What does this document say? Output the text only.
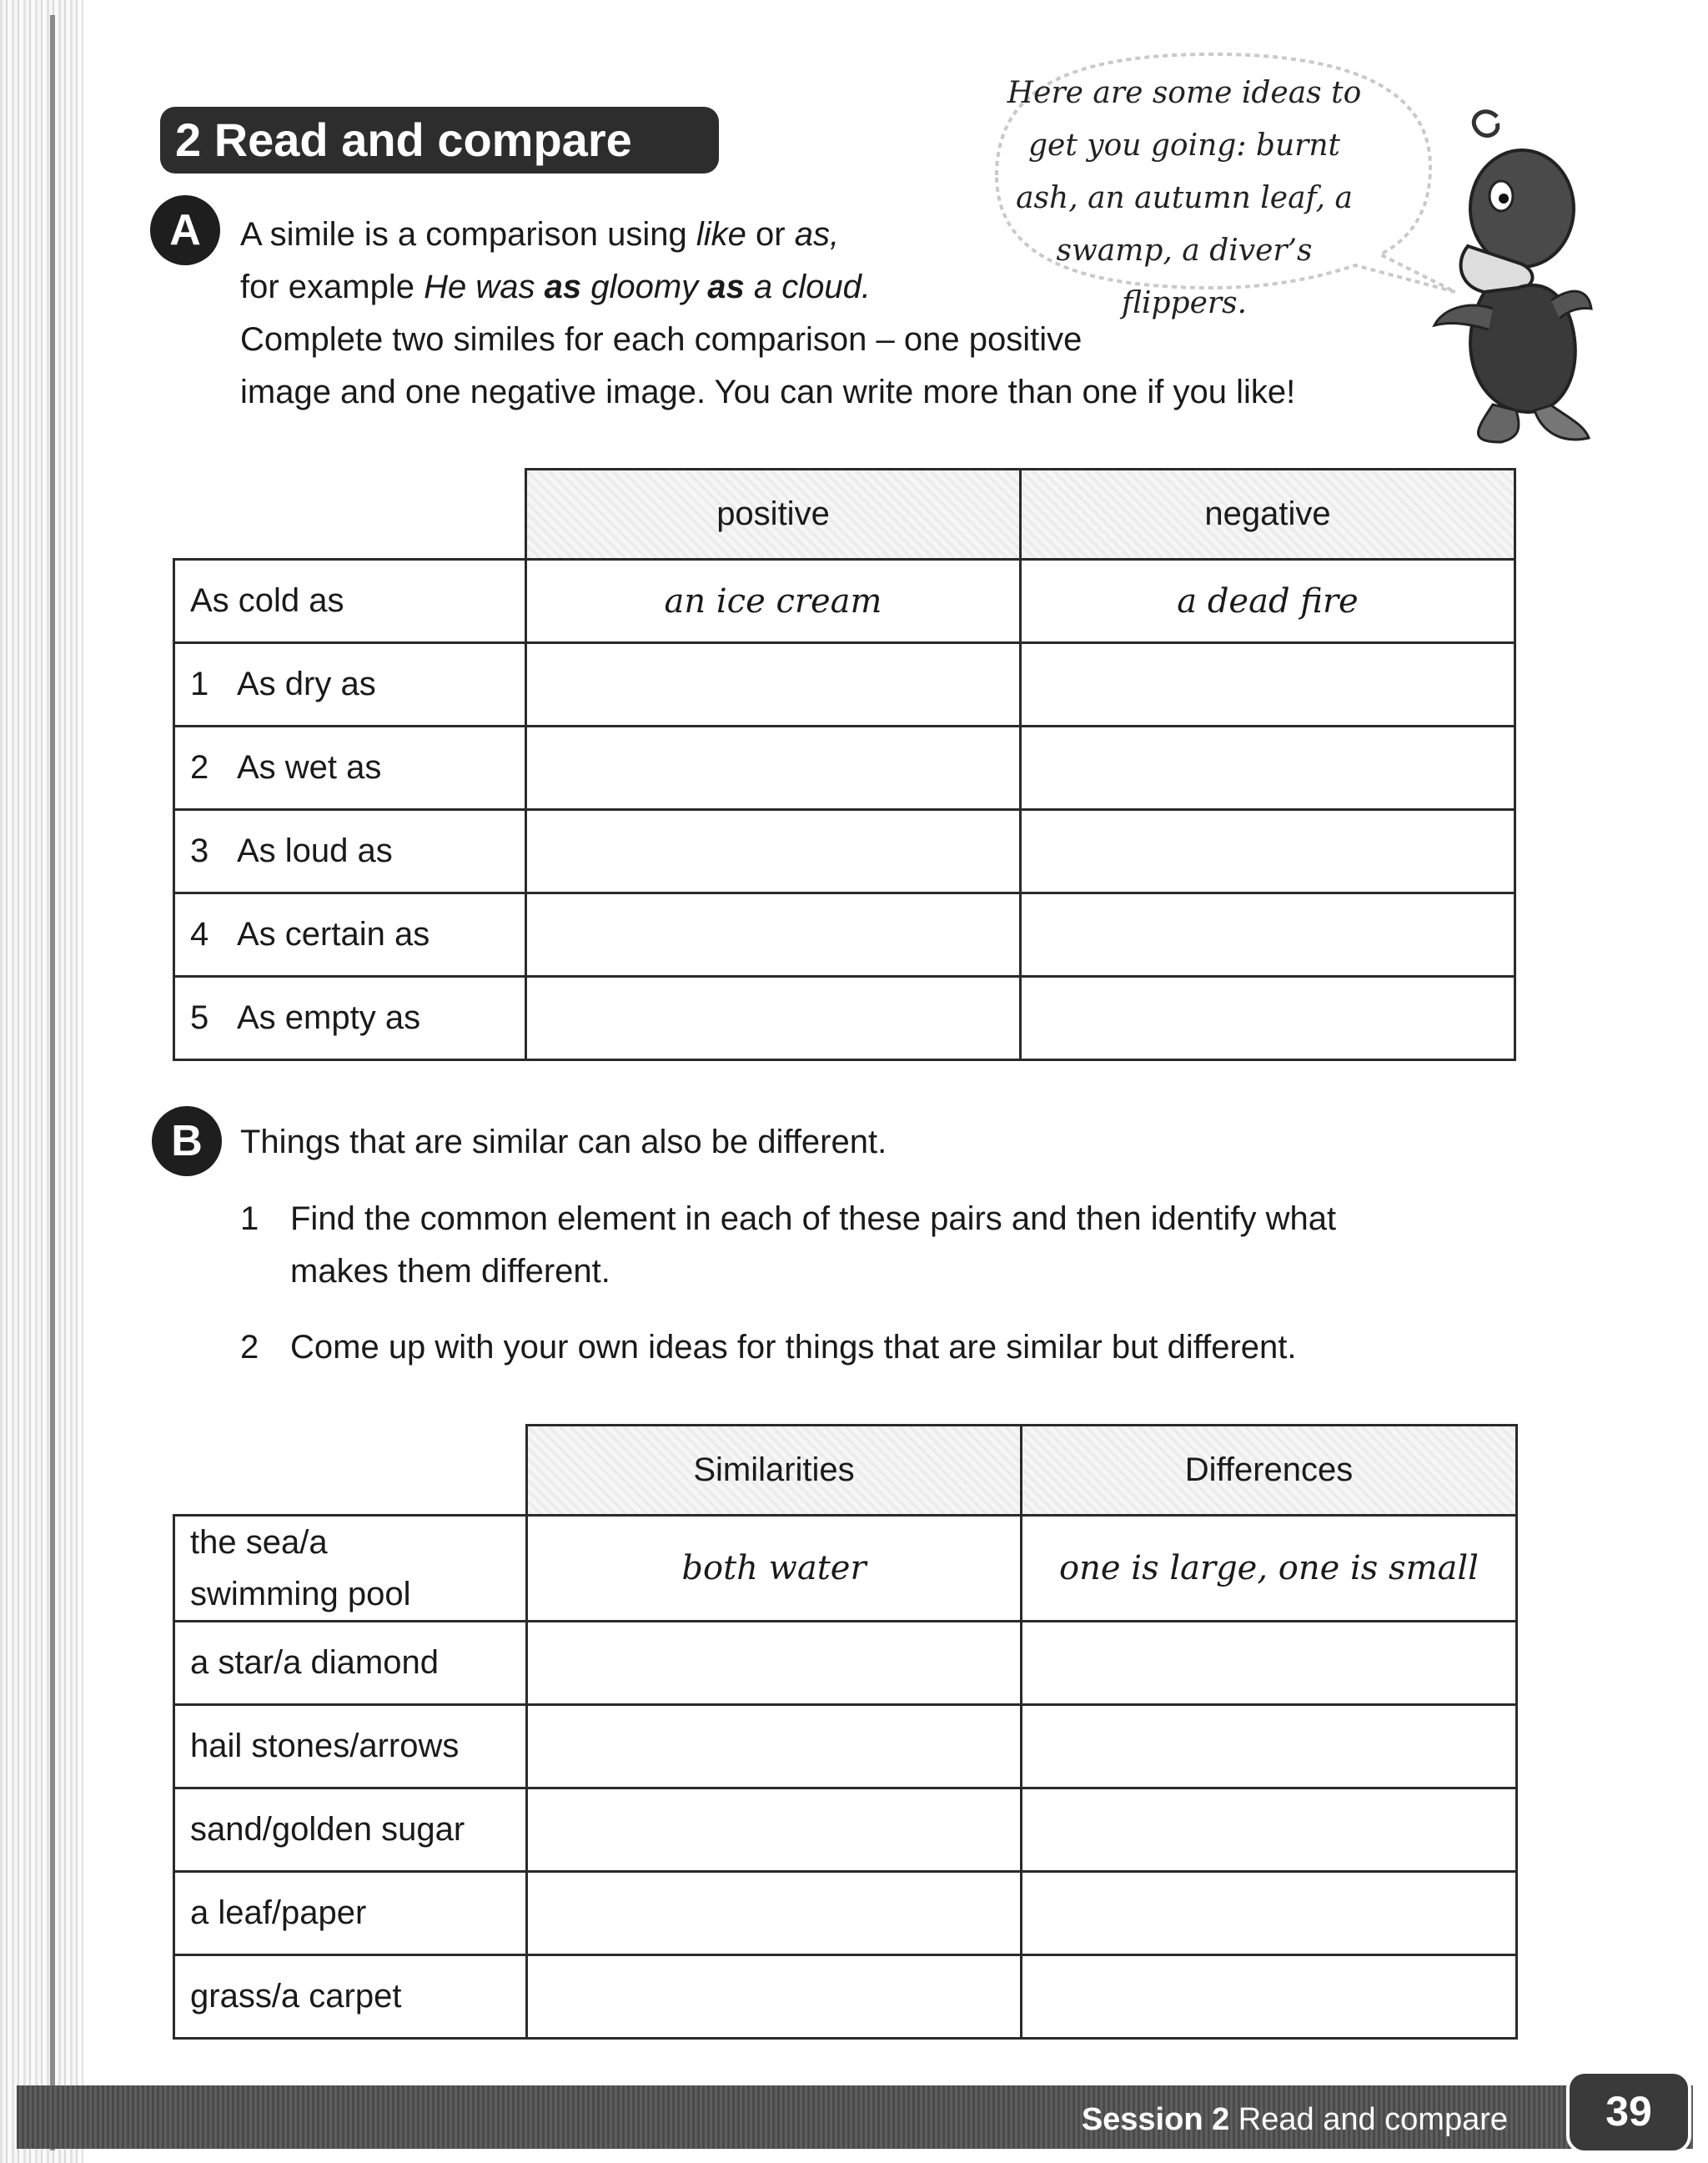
2 Read and compare
Here are some ideas to
get you going: burnt
ash, an autumn leaf, a
swamp, a diver’s flippers.
A	A simile is a comparison using like or as,

for example He was as gloomy as a cloud.

Complete two similes for each comparison – one positive

image and one negative image. You can write more than one if you like!

	positive	negative
As cold as	an ice cream	a dead fire
1 As dry as		
2 As wet as		
3 As loud as		
4 As certain as		
5 As empty as		
B	Things that are similar can also be different.
1 Find the common element in each of these pairs and then identify what
makes them different.
2 Come up with your own ideas for things that are similar but different.
	Similarities	Differences

the sea/a
swimming pool	both water	one is large, one is small
a star/a diamond		
hail stones/arrows		
sand/golden sugar		
a leaf/paper		
grass/a carpet		
Session 2 Read and compare	39
